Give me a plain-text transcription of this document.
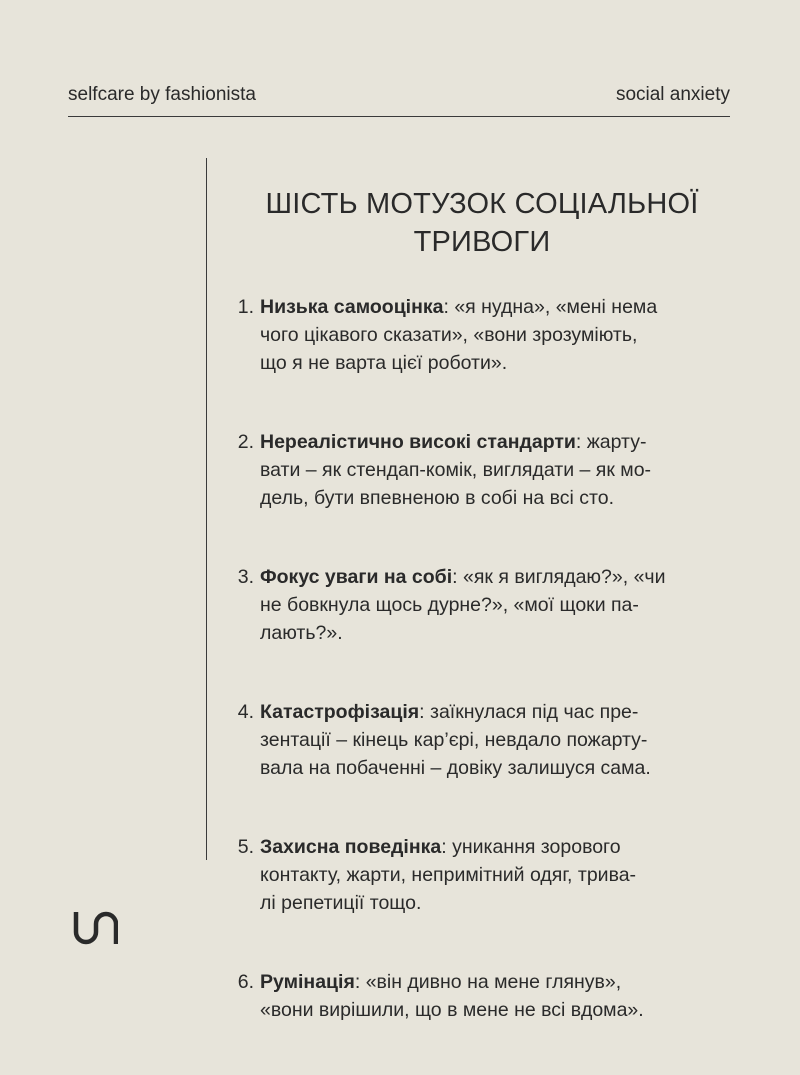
selfcare by fashionista	social anxiety
ШІСТЬ МОТУЗОК СОЦІАЛЬНОЇ
ТРИВОГИ
1. Низька самооцінка: «я нудна», «мені нема
чого цікавого сказати», «вони зрозуміють,
що я не варта цієї роботи».
2. Нереалістично високі стандарти: жарту-
вати – як стендап-комік, виглядати – як мо-
дель, бути впевненою в собі на всі сто.
3. Фокус уваги на собі: «як я виглядаю?», «чи
не бовкнула щось дурне?», «мої щоки па-
лають?».
4. Катастрофізація: заїкнулася під час пре-
зентації – кінець кар’єрі, невдало пожарту-
вала на побаченні – довіку залишуся сама.
5. Захисна поведінка: уникання зорового
контакту, жарти, непримітний одяг, трива-
лі репетиції тощо.
6. Румінація: «він дивно на мене глянув»,
«вони вирішили, що в мене не всі вдома».
